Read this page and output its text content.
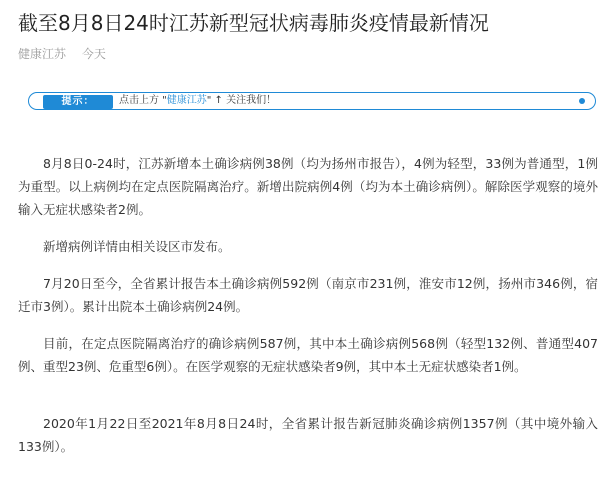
截至8月8日24时江苏新型冠状病毒肺炎疫情最新情况
健康江苏 今天
提示：	点击上方 "健康江苏" ↑ 关注我们！

8月8日0-24时，江苏新增本土确诊病例38例（均为扬州市报告），4例为轻型，33例为普通型，1例为重型。以上病例均在定点医院隔离治疗。新增出院病例4例（均为本土确诊病例）。解除医学观察的境外输入无症状感染者2例。

新增病例详情由相关设区市发布。

7月20日至今，全省累计报告本土确诊病例592例（南京市231例，淮安市12例，扬州市346例，宿迁市3例）。累计出院本土确诊病例24例。

目前，在定点医院隔离治疗的确诊病例587例，其中本土确诊病例568例（轻型132例、普通型407例、重型23例、危重型6例）。在医学观察的无症状感染者9例，其中本土无症状感染者1例。

2020年1月22日至2021年8月8日24时，全省累计报告新冠肺炎确诊病例1357例（其中境外输入133例）。
